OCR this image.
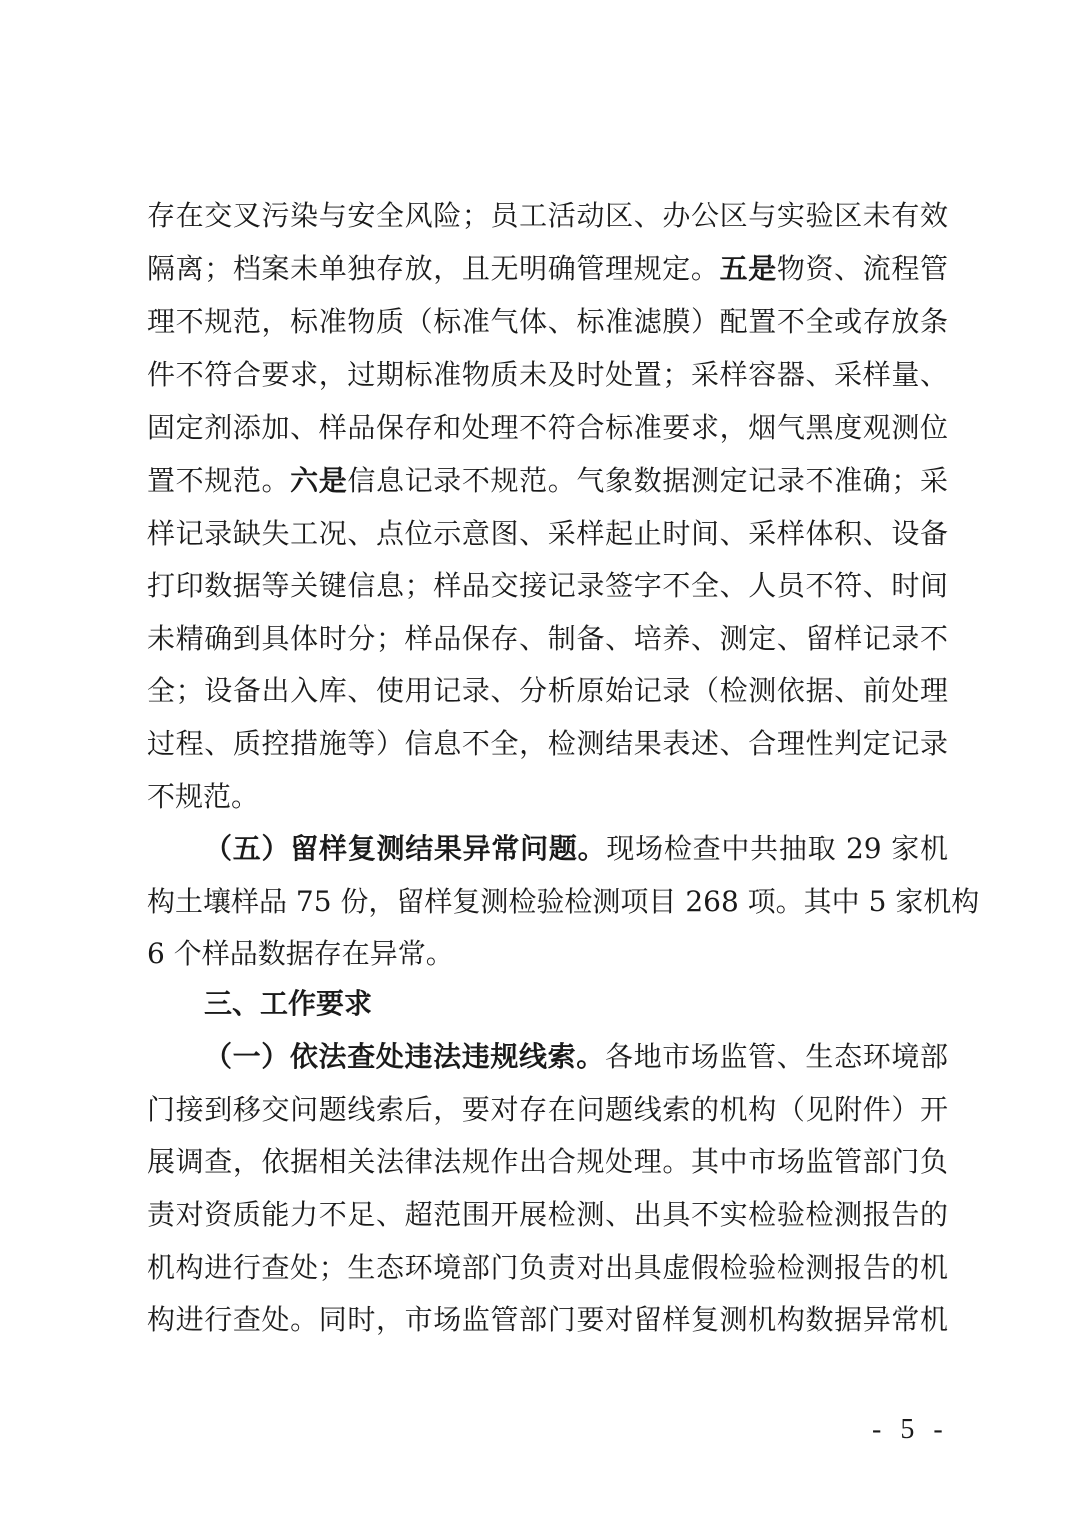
存在交叉污染与安全风险；员工活动区、办公区与实验区未有效
隔离；档案未单独存放，且无明确管理规定。五是物资、流程管
理不规范，标准物质（标准气体、标准滤膜）配置不全或存放条
件不符合要求，过期标准物质未及时处置；采样容器、采样量、
固定剂添加、样品保存和处理不符合标准要求，烟气黑度观测位
置不规范。六是信息记录不规范。气象数据测定记录不准确；采
样记录缺失工况、点位示意图、采样起止时间、采样体积、设备
打印数据等关键信息；样品交接记录签字不全、人员不符、时间
未精确到具体时分；样品保存、制备、培养、测定、留样记录不
全；设备出入库、使用记录、分析原始记录（检测依据、前处理
过程、质控措施等）信息不全，检测结果表述、合理性判定记录
不规范。
（五）留样复测结果异常问题。现场检查中共抽取 29 家机
构土壤样品 75 份，留样复测检验检测项目 268 项。其中 5 家机构
6 个样品数据存在异常。
三、工作要求
（一）依法查处违法违规线索。各地市场监管、生态环境部
门接到移交问题线索后，要对存在问题线索的机构（见附件）开
展调查，依据相关法律法规作出合规处理。其中市场监管部门负
责对资质能力不足、超范围开展检测、出具不实检验检测报告的
机构进行查处；生态环境部门负责对出具虚假检验检测报告的机
构进行查处。同时，市场监管部门要对留样复测机构数据异常机
- 5 -
